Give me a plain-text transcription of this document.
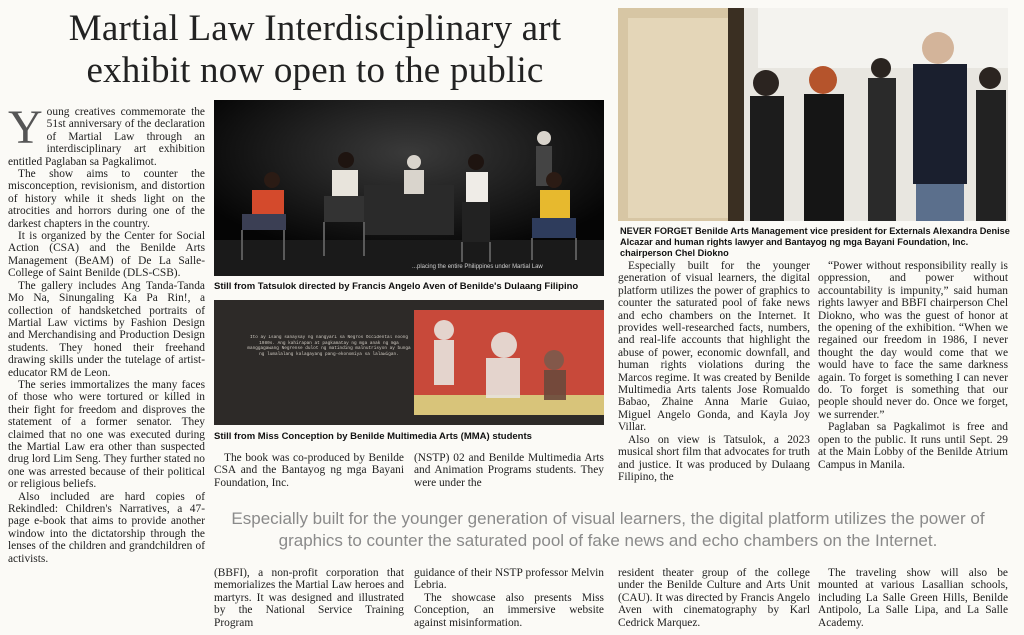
Martial Law Interdisciplinary art exhibit now open to the public
Y oung creatives commemorate the 51st anniversary of the declaration of Martial Law through an interdisciplinary art exhibition entitled Paglaban sa Pagkalimot.

The show aims to counter the misconception, revisionism, and distortion of history while it sheds light on the atrocities and horrors during one of the darkest chapters in the country.

It is organized by the Center for Social Action (CSA) and the Benilde Arts Management (BeAM) of De La Salle-College of Saint Benilde (DLS-CSB).

The gallery includes Ang Tanda-Tanda Mo Na, Sinungaling Ka Pa Rin!, a collection of handsketched portraits of Martial Law victims by Fashion Design and Merchandising and Production Design students. They honed their freehand drawing skills under the tutelage of artist-educator RM de Leon.

The series immortalizes the many faces of those who were tortured or killed in their fight for freedom and disproves the statement of a former senator. They claimed that no one was executed during the Martial Law era other than suspected drug lord Lim Seng. They further stated no one was arrested because of their political or religious beliefs.

Also included are hard copies of Rekindled: Children's Narratives, a 47-page e-book that aims to provide another window into the dictatorship through the lenses of the children and grandchildren of activists.

...placing the entire Philippines under Martial Law
Still from Tatsulok directed by Francis Angelo Aven of Benilde's Dulaang Filipino
Ito ay isang sanaysay ng nangyari sa Negros Occidental noong 1980s. Ang kahirapan at pagkamatay ng mga anak ng mga manggagawang Negrense dulot ng matinding malnutrisyon ay bunga ng lumalalang kalagayang pang-ekonomiya sa lalawigan.
Still from Miss Conception by Benilde Multimedia Arts (MMA) students
NEVER FORGET Benilde Arts Management vice president for Externals Alexandra Denise Alcazar and human rights lawyer and Bantayog ng mga Bayani Foundation, Inc. chairperson Chel Diokno

The book was co-produced by Benilde CSA and the Bantayog ng mga Bayani Foundation, Inc.

(NSTP) 02 and Benilde Multimedia Arts and Animation Programs students. They were under the

Especially built for the younger generation of visual learners, the digital platform utilizes the power of graphics to counter the saturated pool of fake news and echo chambers on the Internet. It provides well-researched facts, numbers, and real-life accounts that highlight the abuse of power, economic downfall, and human rights violations during the Marcos regime. It was created by Benilde Multimedia Arts talents Jose Romualdo Babao, Zhaine Anna Marie Guiao, Miguel Angelo Gonda, and Kayla Joy Villar.

Also on view is Tatsulok, a 2023 musical short film that advocates for truth and justice. It was produced by Dulaang Filipino, the

“Power without responsibility really is oppression, and power without accountability is impunity,” said human rights lawyer and BBFI chairperson Chel Diokno, who was the guest of honor at the opening of the exhibition. “When we regained our freedom in 1986, I never thought the day would come that we would have to face the same darkness again. To forget is something I can never do. To forget is something that our people should never do. Once we forget, we surrender.”

Paglaban sa Pagkalimot is free and open to the public. It runs until Sept. 29 at the Main Lobby of the Benilde Atrium Campus in Manila.

Especially built for the younger generation of visual learners, the digital platform utilizes the power of graphics to counter the saturated pool of fake news and echo chambers on the Internet.

(BBFI), a non-profit corporation that memorializes the Martial Law heroes and martyrs. It was designed and illustrated by the National Service Training Program

guidance of their NSTP professor Melvin Lebria.

The showcase also presents Miss Conception, an immersive website against misinformation.

resident theater group of the college under the Benilde Culture and Arts Unit (CAU). It was directed by Francis Angelo Aven with cinematography by Karl Cedrick Marquez.

The traveling show will also be mounted at various Lasallian schools, including La Salle Green Hills, Benilde Antipolo, La Salle Lipa, and La Salle Academy.
